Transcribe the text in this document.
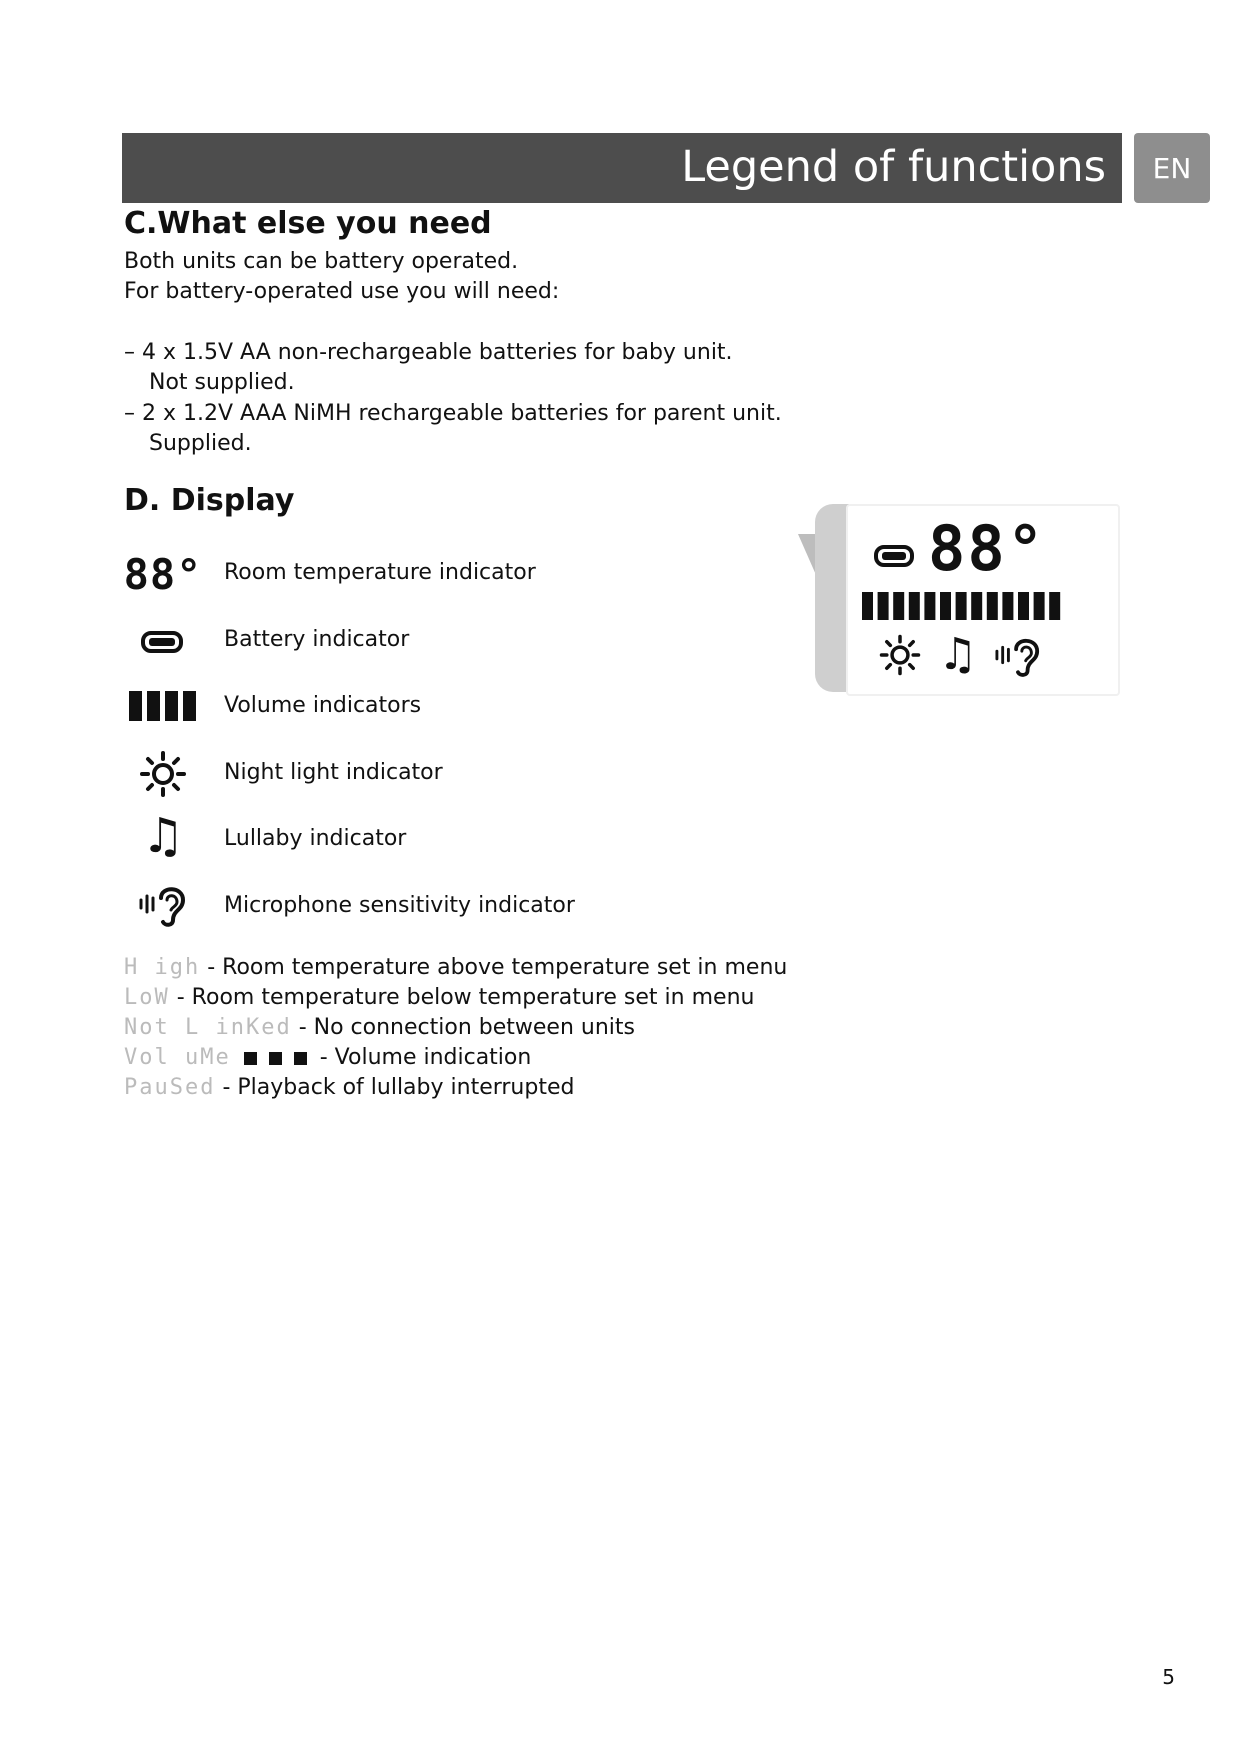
Legend of functions	EN
C.What else you need
Both units can be battery operated.
For battery-operated use you will need:
– 4 x 1.5V AA non-rechargeable batteries for baby unit.
Not supplied.
– 2 x 1.2V AAA NiMH rechargeable batteries for parent unit.
Supplied.
D. Display
88° Room temperature indicator
Battery indicator
Volume indicators
Night light indicator
♫ Lullaby indicator
Microphone sensitivity indicator
H igh - Room temperature above temperature set in menu
LoW - Room temperature below temperature set in menu
Not L inKed - No connection between units
Vol uMe	- Volume indication
PauSed - Playback of lullaby interrupted
88°
♫
5
